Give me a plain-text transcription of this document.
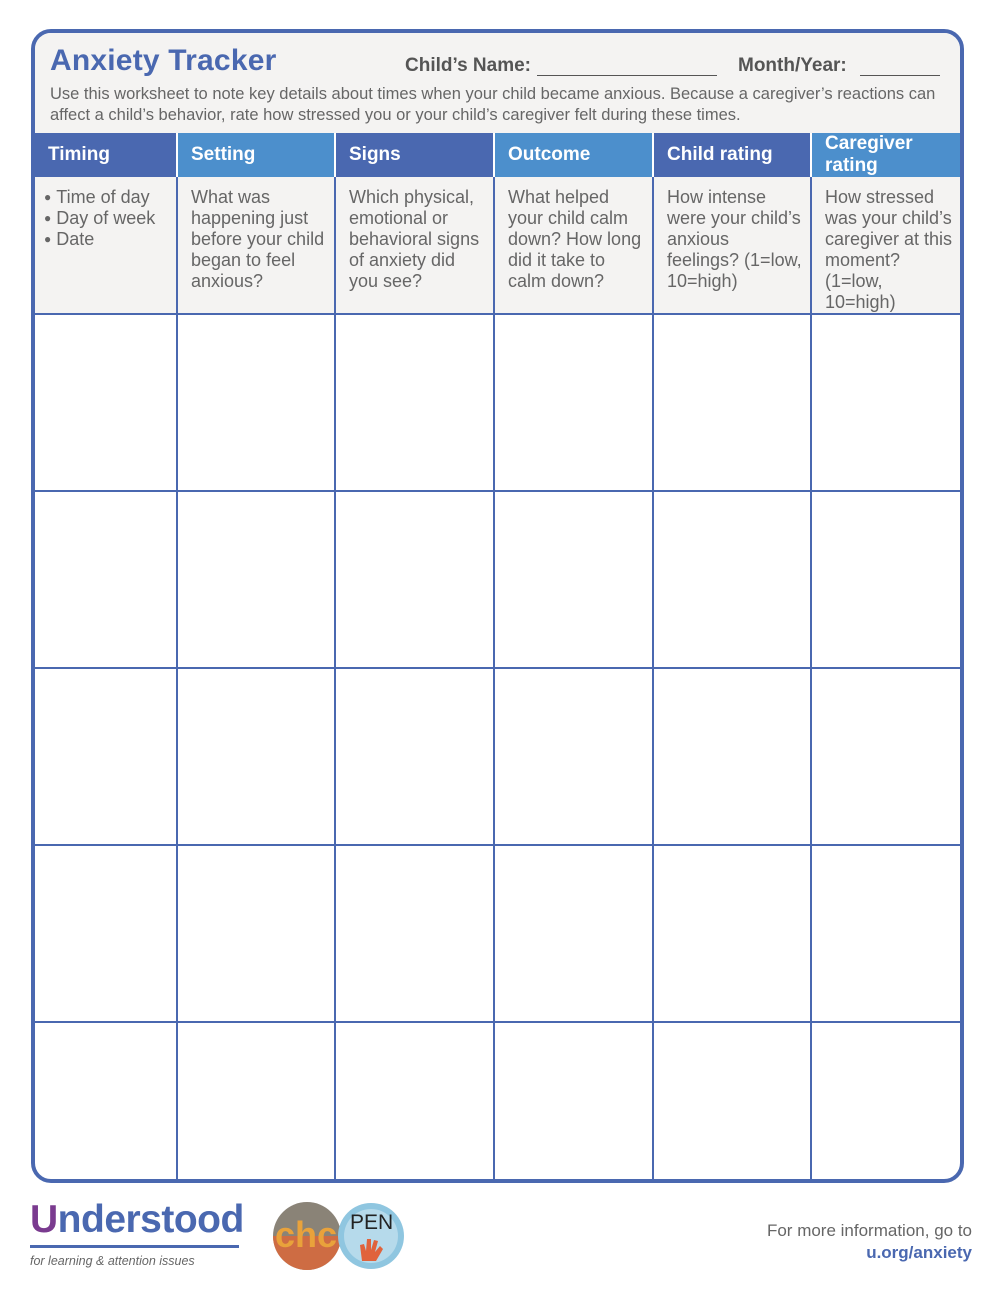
Anxiety Tracker	Child’s Name:	Month/Year:
Use this worksheet to note key details about times when your child became anxious. Because a caregiver’s reactions can affect a child’s behavior, rate how stressed you or your child’s caregiver felt during these times.
Timing	Setting	Signs	Outcome	Child rating	Caregiver rating

● Time of day
● Day of week
● Date	What was happening just before your child began to feel anxious?	Which physical, emotional or behavioral signs of anxiety did you see?	What helped your child calm down? How long did it take to calm down?	How intense were your child’s anxious feelings? (1=low, 10=high)	How stressed was your child’s caregiver at this moment? (1=low, 10=high)

Understood
for learning & attention issues
chc PEN	For more information, go to
u.org/anxiety
